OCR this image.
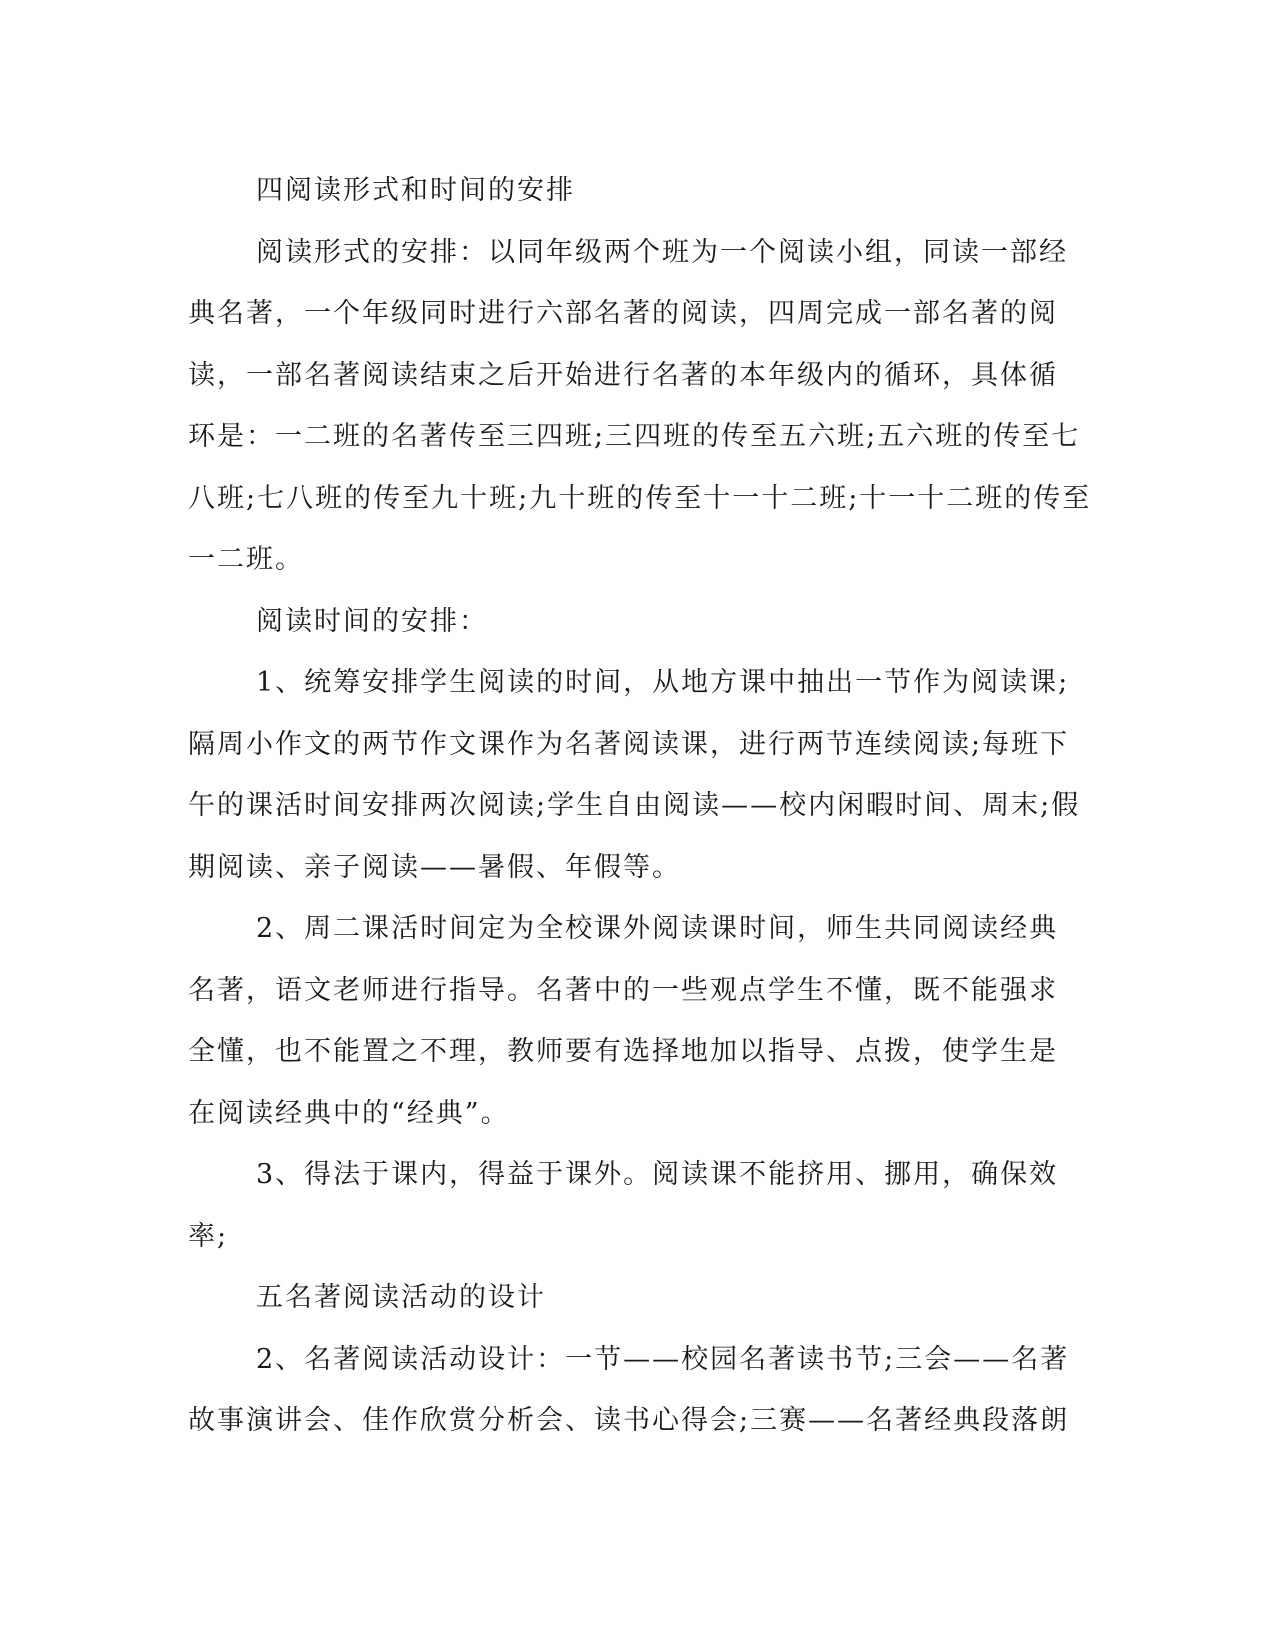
四阅读形式和时间的安排
阅读形式的安排：以同年级两个班为一个阅读小组，同读一部经
典名著，一个年级同时进行六部名著的阅读，四周完成一部名著的阅
读，一部名著阅读结束之后开始进行名著的本年级内的循环，具体循
环是：一二班的名著传至三四班;三四班的传至五六班;五六班的传至七
八班;七八班的传至九十班;九十班的传至十一十二班;十一十二班的传至
一二班。
阅读时间的安排：
1、统筹安排学生阅读的时间，从地方课中抽出一节作为阅读课;
隔周小作文的两节作文课作为名著阅读课，进行两节连续阅读;每班下
午的课活时间安排两次阅读;学生自由阅读——校内闲暇时间、周末;假
期阅读、亲子阅读——暑假、年假等。
2、周二课活时间定为全校课外阅读课时间，师生共同阅读经典
名著，语文老师进行指导。名著中的一些观点学生不懂，既不能强求
全懂，也不能置之不理，教师要有选择地加以指导、点拨，使学生是
在阅读经典中的“经典”。
3、得法于课内，得益于课外。阅读课不能挤用、挪用，确保效
率;
五名著阅读活动的设计
2、名著阅读活动设计：一节——校园名著读书节;三会——名著
故事演讲会、佳作欣赏分析会、读书心得会;三赛——名著经典段落朗
